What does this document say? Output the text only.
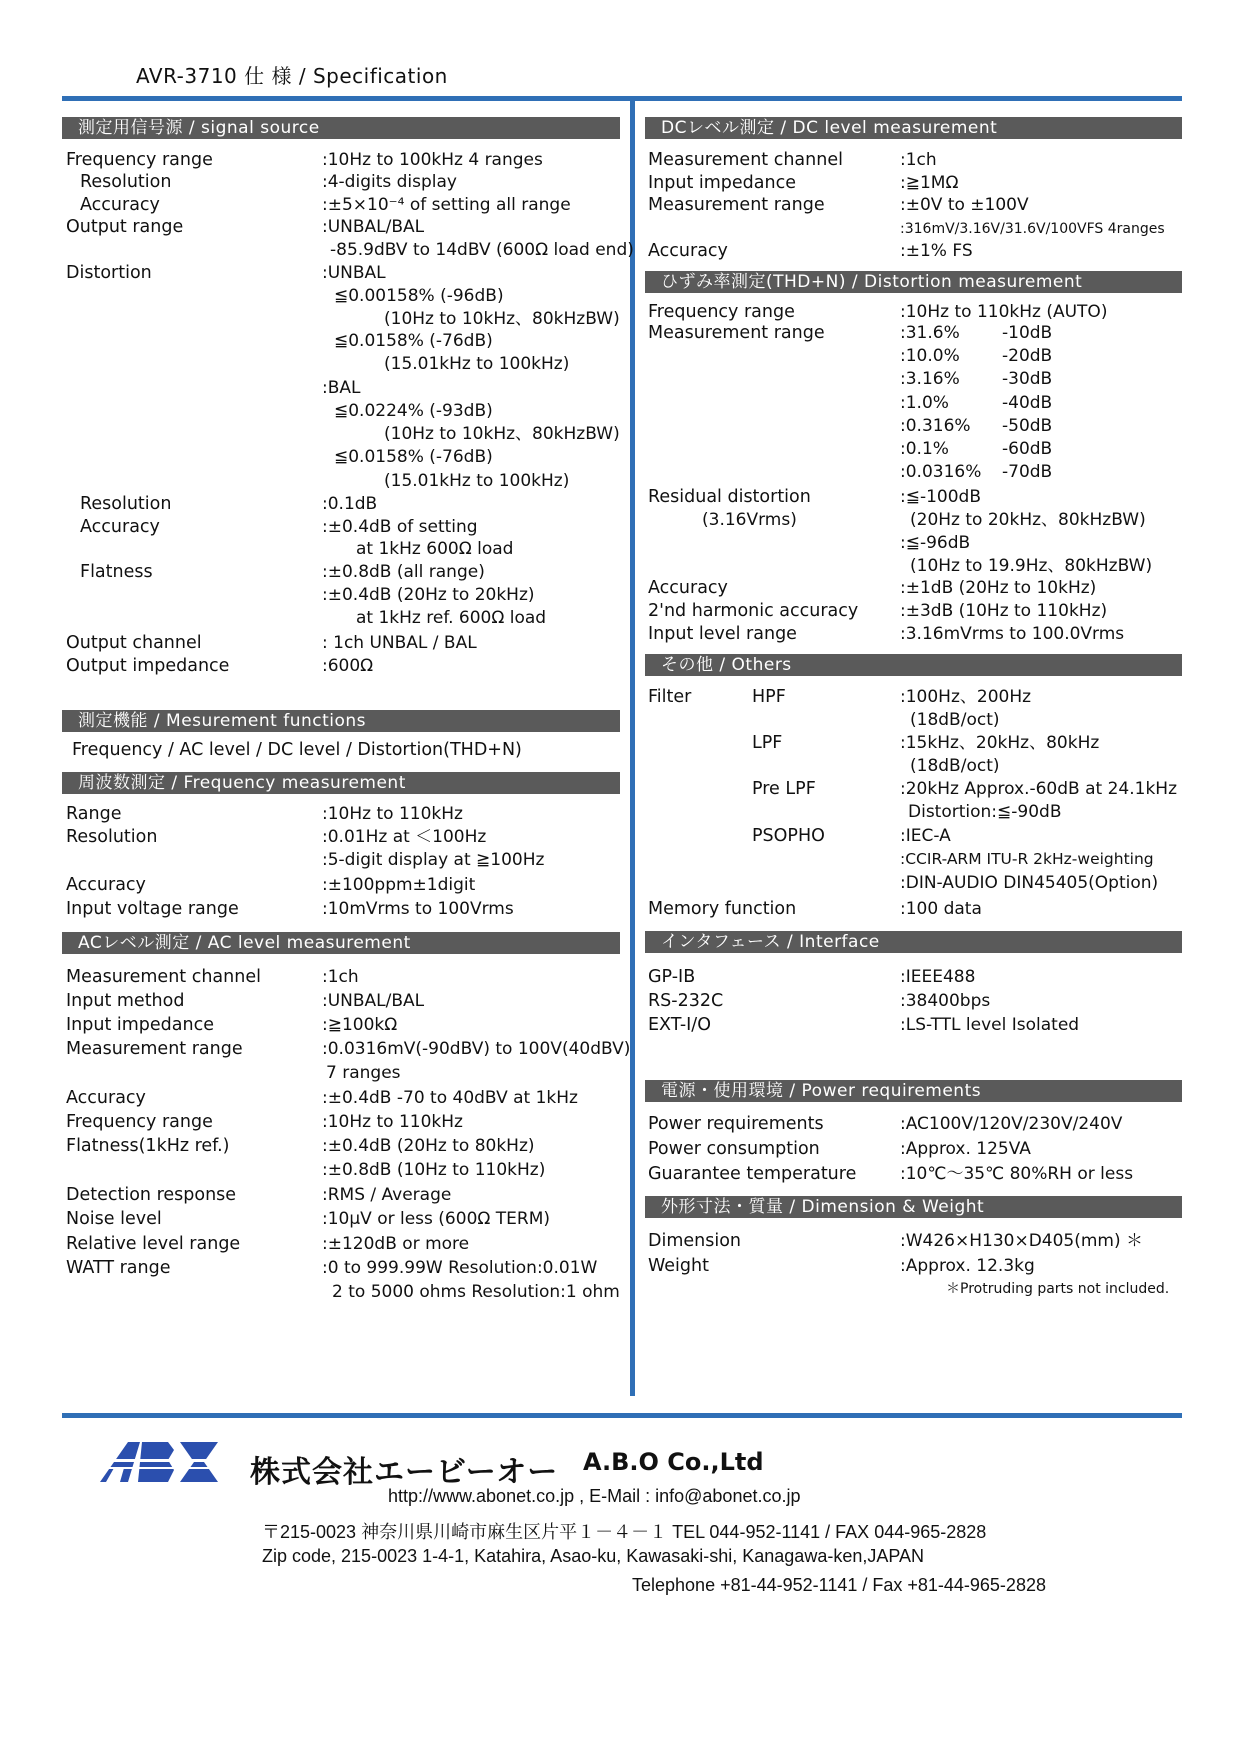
AVR-3710 仕 様 / Specification
測定用信号源 / signal source
Frequency range	:10Hz to 100kHz 4 ranges
Resolution	:4-digits display
Accuracy	:±5×10⁻⁴ of setting all range
Output range	:UNBAL/BAL
-85.9dBV to 14dBV (600Ω load end)
Distortion	:UNBAL
≦0.00158% (-96dB)
(10Hz to 10kHz、80kHzBW)
≦0.0158% (-76dB)
(15.01kHz to 100kHz)
:BAL
≦0.0224% (-93dB)
(10Hz to 10kHz、80kHzBW)
≦0.0158% (-76dB)
(15.01kHz to 100kHz)
Resolution	:0.1dB
Accuracy	:±0.4dB of setting
at 1kHz 600Ω load
Flatness	:±0.8dB (all range)
:±0.4dB (20Hz to 20kHz)
at 1kHz ref. 600Ω load
Output channel	: 1ch UNBAL / BAL
Output impedance	:600Ω
測定機能 / Mesurement functions
Frequency / AC level / DC level / Distortion(THD+N)
周波数測定 / Frequency measurement
Range	:10Hz to 110kHz
Resolution	:0.01Hz at ＜100Hz
:5-digit display at ≧100Hz
Accuracy	:±100ppm±1digit
Input voltage range	:10mVrms to 100Vrms
ACレベル測定 / AC level measurement
Measurement channel	:1ch
Input method	:UNBAL/BAL
Input impedance	:≧100kΩ
Measurement range	:0.0316mV(-90dBV) to 100V(40dBV)
7 ranges
Accuracy	:±0.4dB -70 to 40dBV at 1kHz
Frequency range	:10Hz to 110kHz
Flatness(1kHz ref.)	:±0.4dB (20Hz to 80kHz)
:±0.8dB (10Hz to 110kHz)
Detection response	:RMS / Average
Noise level	:10μV or less (600Ω TERM)
Relative level range	:±120dB or more
WATT range	:0 to 999.99W Resolution:0.01W
2 to 5000 ohms Resolution:1 ohm
DCレベル測定 / DC level measurement
Measurement channel	:1ch
Input impedance	:≧1MΩ
Measurement range	:±0V to ±100V
:316mV/3.16V/31.6V/100VFS 4ranges
Accuracy	:±1% FS
ひずみ率測定(THD+N) / Distortion measurement
Frequency range	:10Hz to 110kHz (AUTO)
Measurement range	:31.6% -10dB
:10.0% -20dB
:3.16% -30dB
:1.0%	-40dB
:0.316% -50dB
:0.1%	-60dB
:0.0316% -70dB
Residual distortion	:≦-100dB
(3.16Vrms)	(20Hz to 20kHz、80kHzBW)
:≦-96dB
(10Hz to 19.9Hz、80kHzBW)
Accuracy	:±1dB (20Hz to 10kHz)
2'nd harmonic accuracy :±3dB (10Hz to 110kHz)
Input level range	:3.16mVrms to 100.0Vrms
その他 / Others
Filter	HPF	:100Hz、200Hz
(18dB/oct)
LPF	:15kHz、20kHz、80kHz
(18dB/oct)
Pre LPF	:20kHz Approx.-60dB at 24.1kHz
Distortion:≦-90dB
PSOPHO	:IEC-A
:CCIR-ARM ITU-R 2kHz-weighting
:DIN-AUDIO DIN45405(Option)
Memory function	:100 data
インタフェース / Interface
GP-IB	:IEEE488
RS-232C	:38400bps
EXT-I/O	:LS-TTL level Isolated
電源・使用環境 / Power requirements
Power requirements	:AC100V/120V/230V/240V
Power consumption	:Approx. 125VA
Guarantee temperature	:10℃～35℃ 80%RH or less
外形寸法・質量 / Dimension & Weight
Dimension	:W426×H130×D405(mm) ＊
Weight	:Approx. 12.3kg
＊Protruding parts not included.
株式会社エービーオー A.B.O Co.,Ltd
http://www.abonet.co.jp , E-Mail : info@abonet.co.jp
〒215-0023 神奈川県川崎市麻生区片平１－４－１ TEL 044-952-1141 / FAX 044-965-2828
Zip code, 215-0023 1-4-1, Katahira, Asao-ku, Kawasaki-shi, Kanagawa-ken,JAPAN
Telephone +81-44-952-1141 / Fax +81-44-965-2828
